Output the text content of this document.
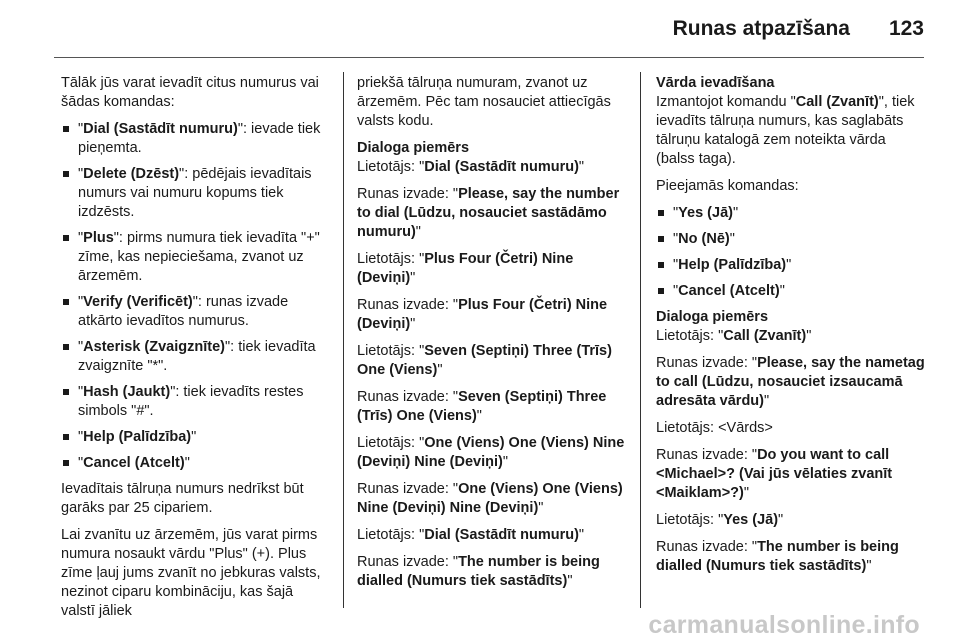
Runas atpazīšana 123

Tālāk jūs varat ievadīt citus numurus vai šādas komandas:

"Dial (Sastādīt numuru)": ievade tiek pieņemta.
"Delete (Dzēst)": pēdējais ievadītais numurs vai numuru kopums tiek izdzēsts.
"Plus": pirms numura tiek ievadīta "+" zīme, kas nepieciešama, zvanot uz ārzemēm.
"Verify (Verificēt)": runas izvade atkārto ievadītos numurus.
"Asterisk (Zvaigznīte)": tiek ievadīta zvaigznīte "*".
"Hash (Jaukt)": tiek ievadīts restes simbols "#".
"Help (Palīdzība)"
"Cancel (Atcelt)"

Ievadītais tālruņa numurs nedrīkst būt garāks par 25 cipariem.

Lai zvanītu uz ārzemēm, jūs varat pirms numura nosaukt vārdu "Plus" (+). Plus zīme ļauj jums zvanīt no jebkuras valsts, nezinot ciparu kombināciju, kas šajā valstī jāliek

priekšā tālruņa numuram, zvanot uz ārzemēm. Pēc tam nosauciet attiecīgās valsts kodu.

Dialoga piemērs

Lietotājs: "Dial (Sastādīt numuru)"

Runas izvade: "Please, say the number to dial (Lūdzu, nosauciet sastādāmo numuru)"

Lietotājs: "Plus Four (Četri) Nine (Deviņi)"

Runas izvade: "Plus Four (Četri) Nine (Deviņi)"

Lietotājs: "Seven (Septiņi) Three (Trīs) One (Viens)"

Runas izvade: "Seven (Septiņi) Three (Trīs) One (Viens)"

Lietotājs: "One (Viens) One (Viens) Nine (Deviņi) Nine (Deviņi)"

Runas izvade: "One (Viens) One (Viens) Nine (Deviņi) Nine (Deviņi)"

Lietotājs: "Dial (Sastādīt numuru)"

Runas izvade: "The number is being dialled (Numurs tiek sastādīts)"

Vārda ievadīšana

Izmantojot komandu "Call (Zvanīt)", tiek ievadīts tālruņa numurs, kas saglabāts tālruņu katalogā zem noteikta vārda (balss taga).

Pieejamās komandas:

"Yes (Jā)"
"No (Nē)"
"Help (Palīdzība)"
"Cancel (Atcelt)"
Dialoga piemērs

Lietotājs: "Call (Zvanīt)"

Runas izvade: "Please, say the nametag to call (Lūdzu, nosauciet izsaucamā adresāta vārdu)"

Lietotājs: <Vārds>

Runas izvade: "Do you want to call <Michael>? (Vai jūs vēlaties zvanīt <Maiklam>?)"

Lietotājs: "Yes (Jā)"

Runas izvade: "The number is being dialled (Numurs tiek sastādīts)"

carmanualsonline.info
